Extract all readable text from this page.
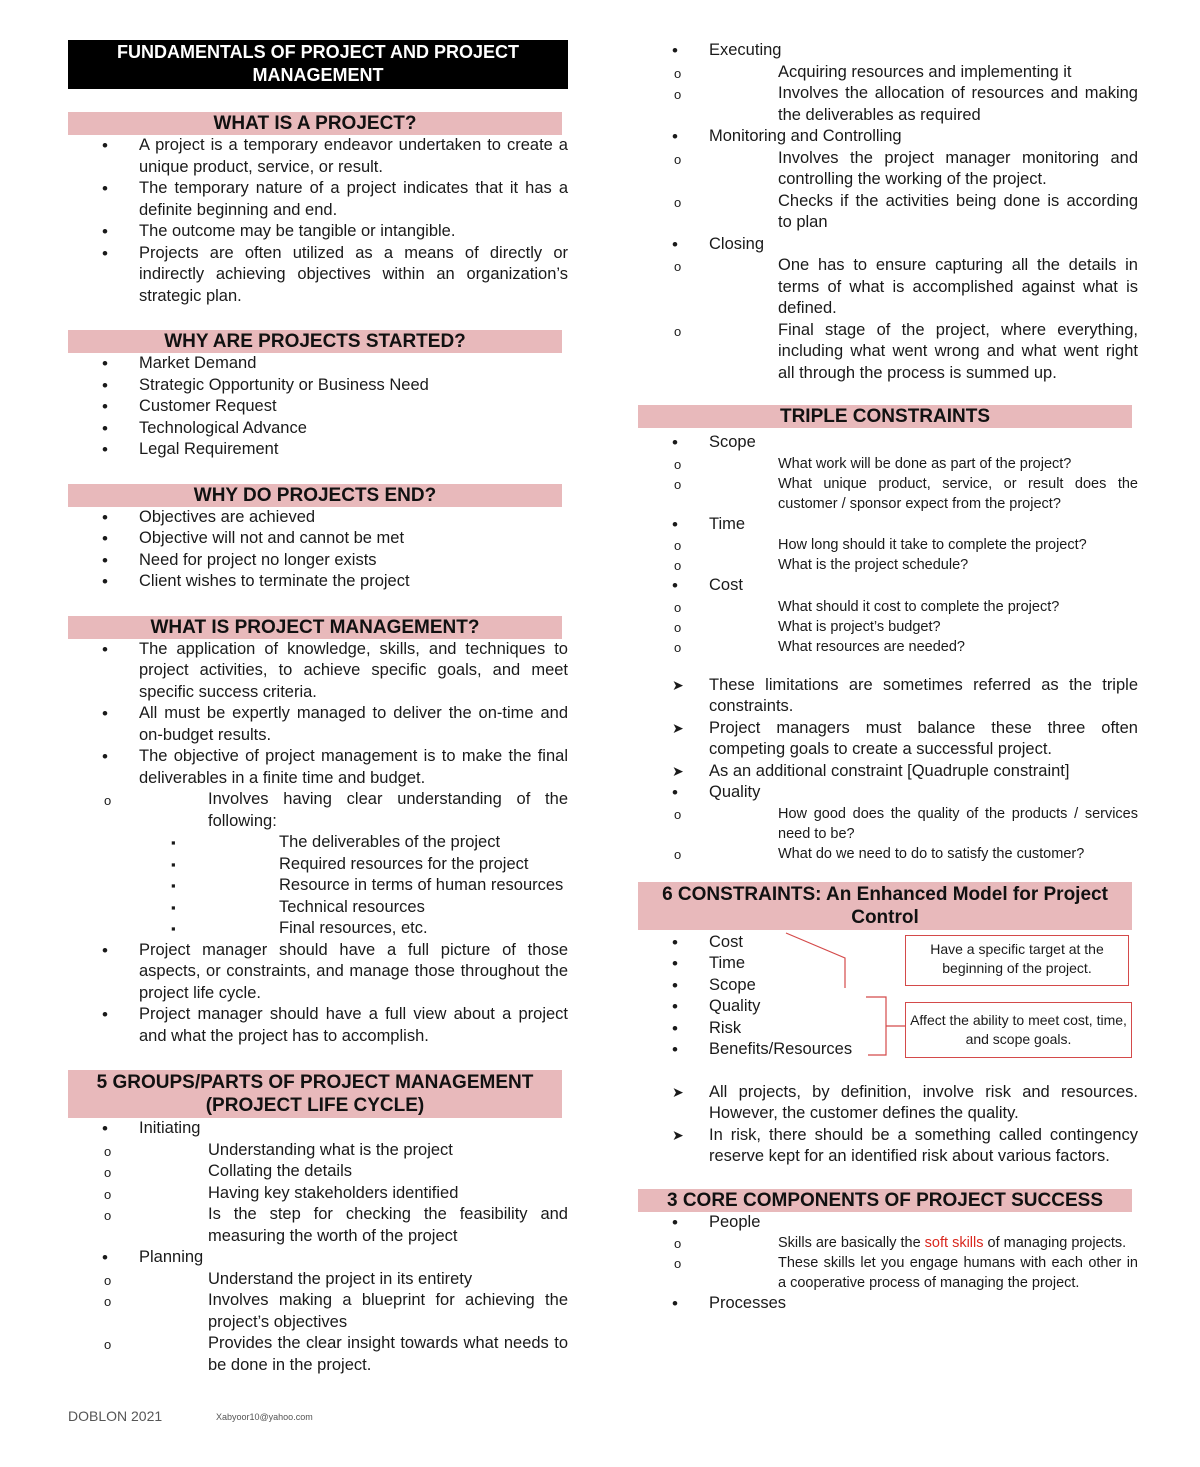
FUNDAMENTALS OF PROJECT AND PROJECT MANAGEMENT
WHAT IS A PROJECT?
• A project is a temporary endeavor undertaken to create a unique product, service, or result.
• The temporary nature of a project indicates that it has a definite beginning and end.
• The outcome may be tangible or intangible.
• Projects are often utilized as a means of directly or indirectly achieving objectives within an organization’s strategic plan.
WHY ARE PROJECTS STARTED?
• Market Demand
• Strategic Opportunity or Business Need
• Customer Request
• Technological Advance
• Legal Requirement
WHY DO PROJECTS END?
• Objectives are achieved
• Objective will not and cannot be met
• Need for project no longer exists
• Client wishes to terminate the project
WHAT IS PROJECT MANAGEMENT?
• The application of knowledge, skills, and techniques to project activities, to achieve specific goals, and meet specific success criteria.
• All must be expertly managed to deliver the on-time and on-budget results.
• The objective of project management is to make the final deliverables in a finite time and budget.
o Involves having clear understanding of the following:
▪ The deliverables of the project
▪ Required resources for the project
▪ Resource in terms of human resources
▪ Technical resources
▪ Final resources, etc.
• Project manager should have a full picture of those aspects, or constraints, and manage those throughout the project life cycle.
• Project manager should have a full view about a project and what the project has to accomplish.
5 GROUPS/PARTS OF PROJECT MANAGEMENT
(PROJECT LIFE CYCLE)
• Initiating
o Understanding what is the project
o Collating the details
o Having key stakeholders identified
o Is the step for checking the feasibility and measuring the worth of the project
• Planning
o Understand the project in its entirety
o Involves making a blueprint for achieving the project’s objectives
o Provides the clear insight towards what needs to be done in the project.
• Executing
o Acquiring resources and implementing it
o Involves the allocation of resources and making the deliverables as required
• Monitoring and Controlling
o Involves the project manager monitoring and controlling the working of the project.
o Checks if the activities being done is according to plan
• Closing
o One has to ensure capturing all the details in terms of what is accomplished against what is defined.
o Final stage of the project, where everything, including what went wrong and what went right all through the process is summed up.
TRIPLE CONSTRAINTS
• Scope
o What work will be done as part of the project?
o What unique product, service, or result does the customer / sponsor expect from the project?
• Time
o How long should it take to complete the project?
o What is the project schedule?
• Cost
o What should it cost to complete the project?
o What is project’s budget?
o What resources are needed?
➤ These limitations are sometimes referred as the triple constraints.
➤ Project managers must balance these three often competing goals to create a successful project.
➤ As an additional constraint [Quadruple constraint]
• Quality
o How good does the quality of the products / services need to be?
o What do we need to do to satisfy the customer?
6 CONSTRAINTS: An Enhanced Model for Project
Control
• Cost
• Time
• Scope
• Quality
• Risk
• Benefits/Resources
Have a specific target at the beginning of the project.
Affect the ability to meet cost, time, and scope goals.
➤ All projects, by definition, involve risk and resources. However, the customer defines the quality.
➤ In risk, there should be a something called contingency reserve kept for an identified risk about various factors.
3 CORE COMPONENTS OF PROJECT SUCCESS
• People
o Skills are basically the soft skills of managing projects.
o These skills let you engage humans with each other in a cooperative process of managing the project.
• Processes
DOBLON 2021	Xabyoor10@yahoo.com
